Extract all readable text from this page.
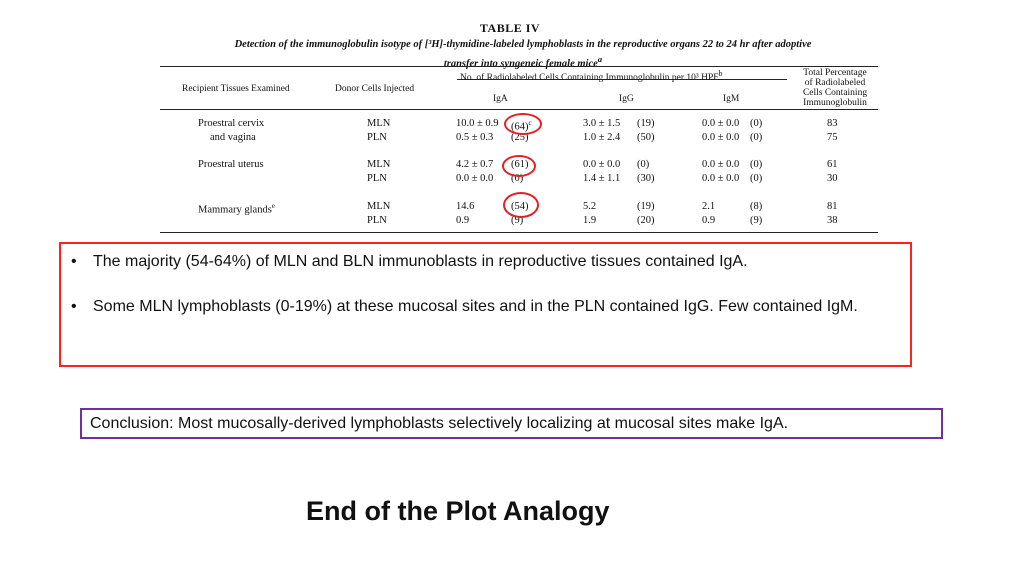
TABLE IV
Detection of the immunoglobulin isotype of [³H]-thymidine-labeled lymphoblasts in the reproductive organs 22 to 24 hr after adoptive
transfer into syngeneic female mice$^a$
No. of Radiolabeled Cells Containing Immunoglobulin per 10³ HPF$^b$
Recipient Tissues Examined	Donor Cells Injected
IgA	IgG	IgM
Total Percentage
of Radiolabeled
Cells Containing
Immunoglobulin
Proestral cervix	MLN	10.0 ± 0.9 $(64)^c$	3.0 ± 1.5 (19)	0.0 ± 0.0 (0)	83
and vagina	PLN	0.5 ± 0.3 (25)	1.0 ± 2.4 (50)	0.0 ± 0.0 (0)	75
Proestral uterus	MLN	4.2 ± 0.7 (61)	0.0 ± 0.0 (0)	0.0 ± 0.0 (0)	61
PLN	0.0 ± 0.0 (0)	1.4 ± 1.1 (30)	0.0 ± 0.0 (0)	30
Mammary glands$^e$	MLN	14.6	(54)	5.2	(19)	2.1	(8)	81
PLN	0.9	(9)	1.9	(20)	0.9	(9)	38
•	The majority (54-64%) of MLN and BLN immunoblasts in reproductive tissues contained IgA.
•	Some MLN lymphoblasts (0-19%) at these mucosal sites and in the PLN contained IgG. Few contained IgM.
Conclusion: Most mucosally-derived lymphoblasts selectively localizing at mucosal sites make IgA.
End of the Plot Analogy
